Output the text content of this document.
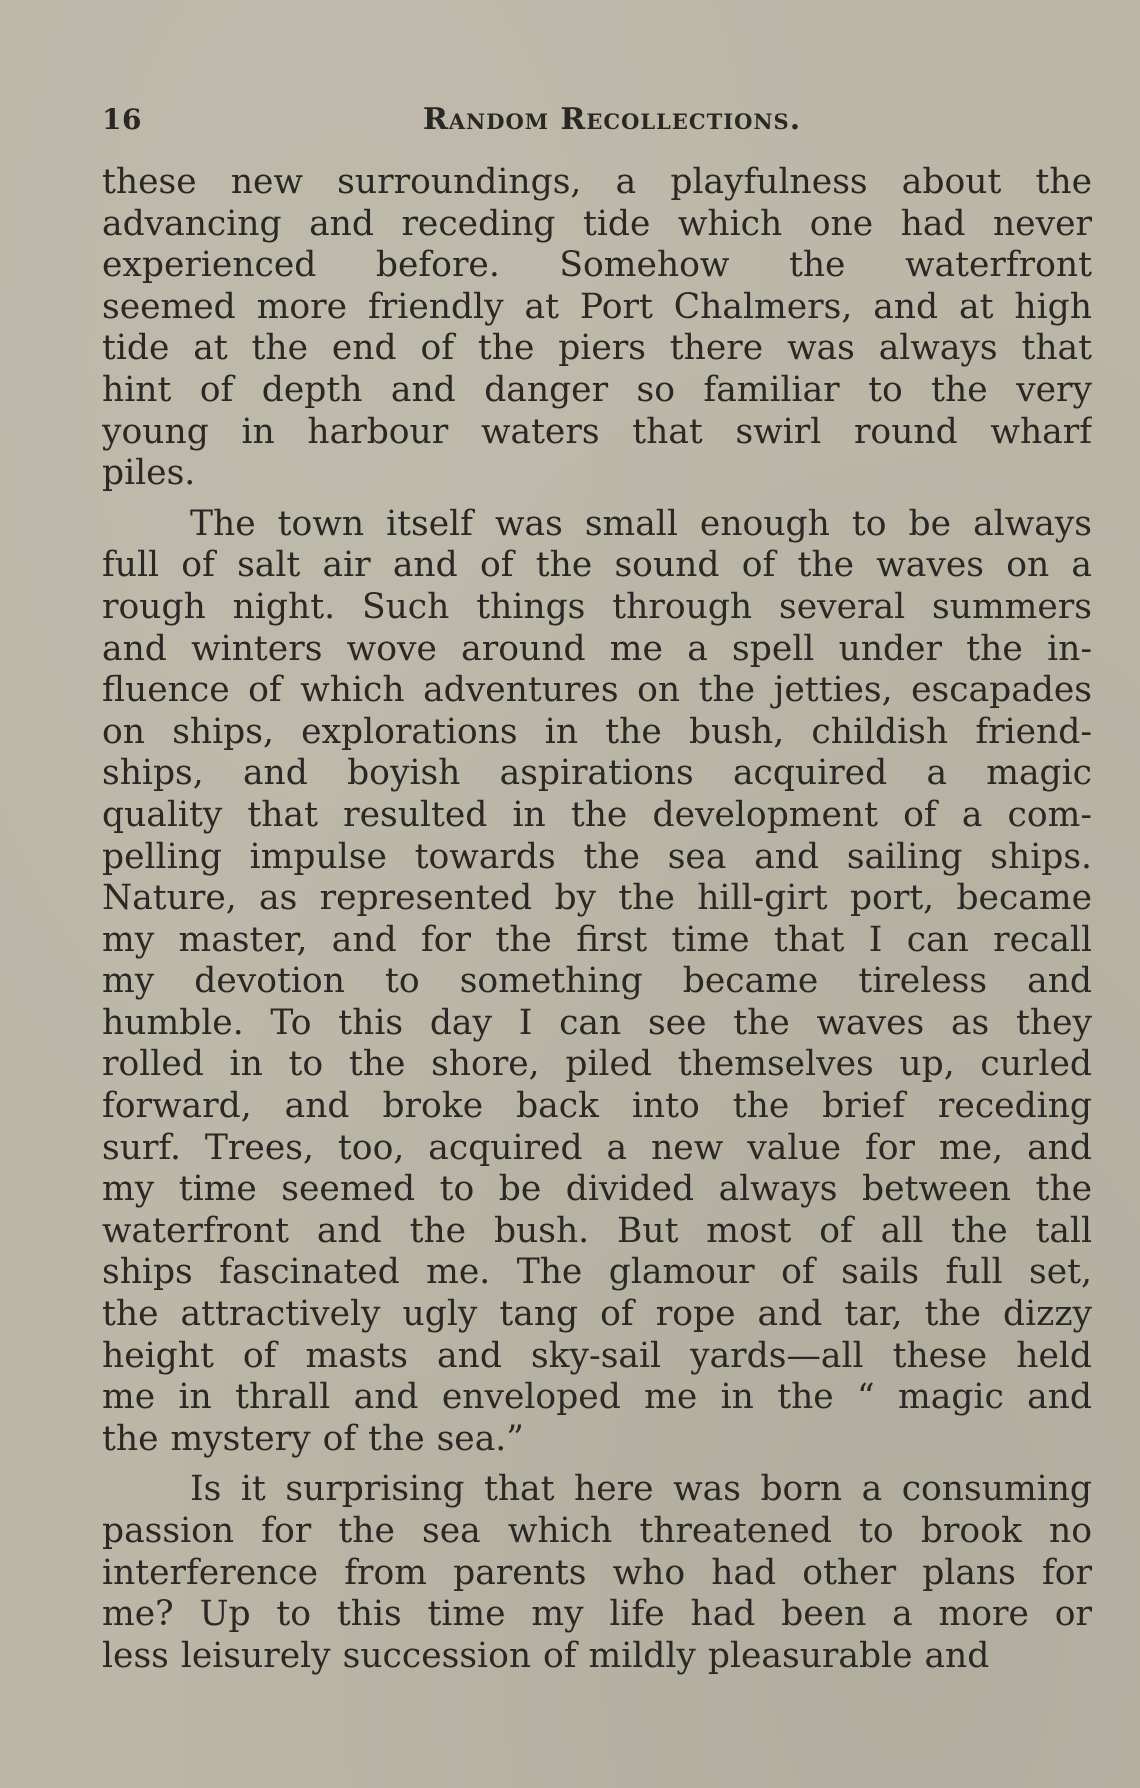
16	Random Recollections.
these new surroundings, a playfulness about the
advancing and receding tide which one had never
experienced before. Somehow the waterfront
seemed more friendly at Port Chalmers, and at high
tide at the end of the piers there was always that
hint of depth and danger so familiar to the very
young in harbour waters that swirl round wharf
piles.
The town itself was small enough to be always
full of salt air and of the sound of the waves on a
rough night. Such things through several summers
and winters wove around me a spell under the in-
fluence of which adventures on the jetties, escapades
on ships, explorations in the bush, childish friend-
ships, and boyish aspirations acquired a magic
quality that resulted in the development of a com-
pelling impulse towards the sea and sailing ships.
Nature, as represented by the hill-girt port, became
my master, and for the first time that I can recall
my devotion to something became tireless and
humble. To this day I can see the waves as they
rolled in to the shore, piled themselves up, curled
forward, and broke back into the brief receding
surf. Trees, too, acquired a new value for me, and
my time seemed to be divided always between the
waterfront and the bush. But most of all the tall
ships fascinated me. The glamour of sails full set,
the attractively ugly tang of rope and tar, the dizzy
height of masts and sky-sail yards—all these held
me in thrall and enveloped me in the “ magic and
the mystery of the sea.”
Is it surprising that here was born a consuming
passion for the sea which threatened to brook no
interference from parents who had other plans for
me? Up to this time my life had been a more or
less leisurely succession of mildly pleasurable and
